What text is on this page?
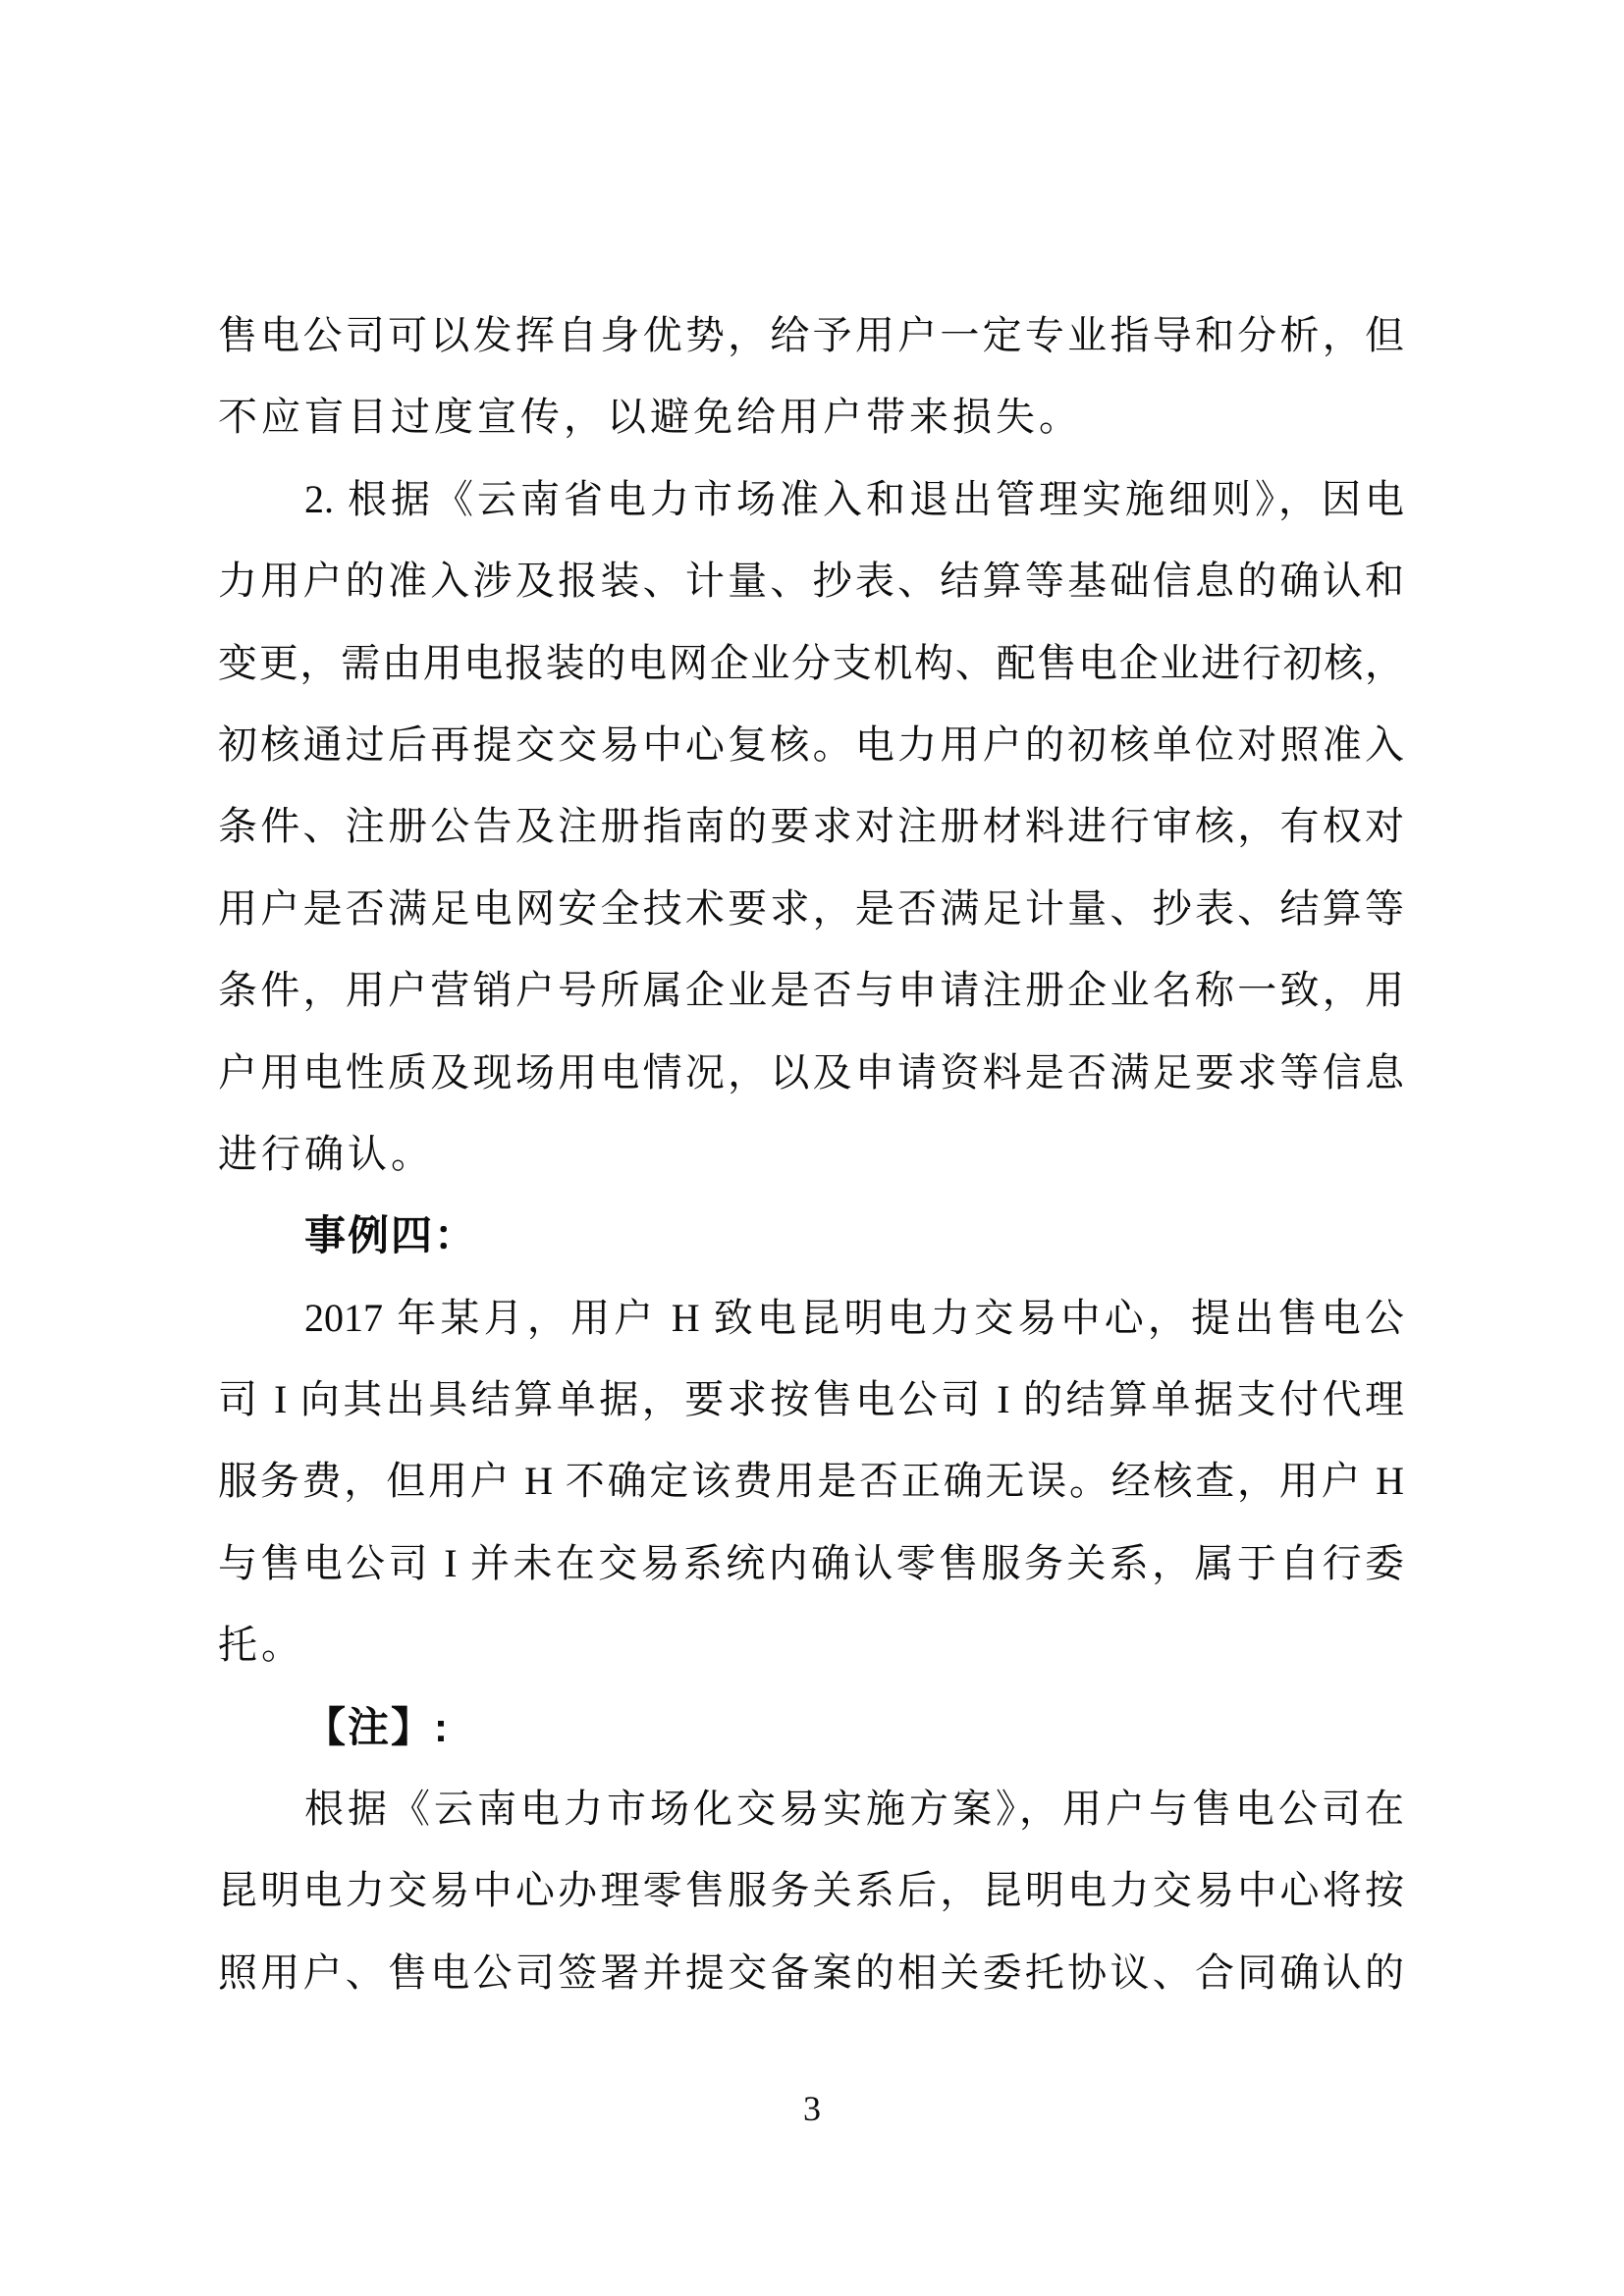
售电公司可以发挥自身优势，给予用户一定专业指导和分析，但
不应盲目过度宣传，以避免给用户带来损失。
2. 根据《云南省电力市场准入和退出管理实施细则》，因电
力用户的准入涉及报装、计量、抄表、结算等基础信息的确认和
变更，需由用电报装的电网企业分支机构、配售电企业进行初核，
初核通过后再提交交易中心复核。电力用户的初核单位对照准入
条件、注册公告及注册指南的要求对注册材料进行审核，有权对
用户是否满足电网安全技术要求，是否满足计量、抄表、结算等
条件，用户营销户号所属企业是否与申请注册企业名称一致，用
户用电性质及现场用电情况，以及申请资料是否满足要求等信息
进行确认。
事例四：
2017 年某月，用户 H 致电昆明电力交易中心，提出售电公
司 I 向其出具结算单据，要求按售电公司 I 的结算单据支付代理
服务费，但用户 H 不确定该费用是否正确无误。经核查，用户 H
与售电公司 I 并未在交易系统内确认零售服务关系，属于自行委
托。
【注】:
根据《云南电力市场化交易实施方案》，用户与售电公司在
昆明电力交易中心办理零售服务关系后，昆明电力交易中心将按
照用户、售电公司签署并提交备案的相关委托协议、合同确认的
3
